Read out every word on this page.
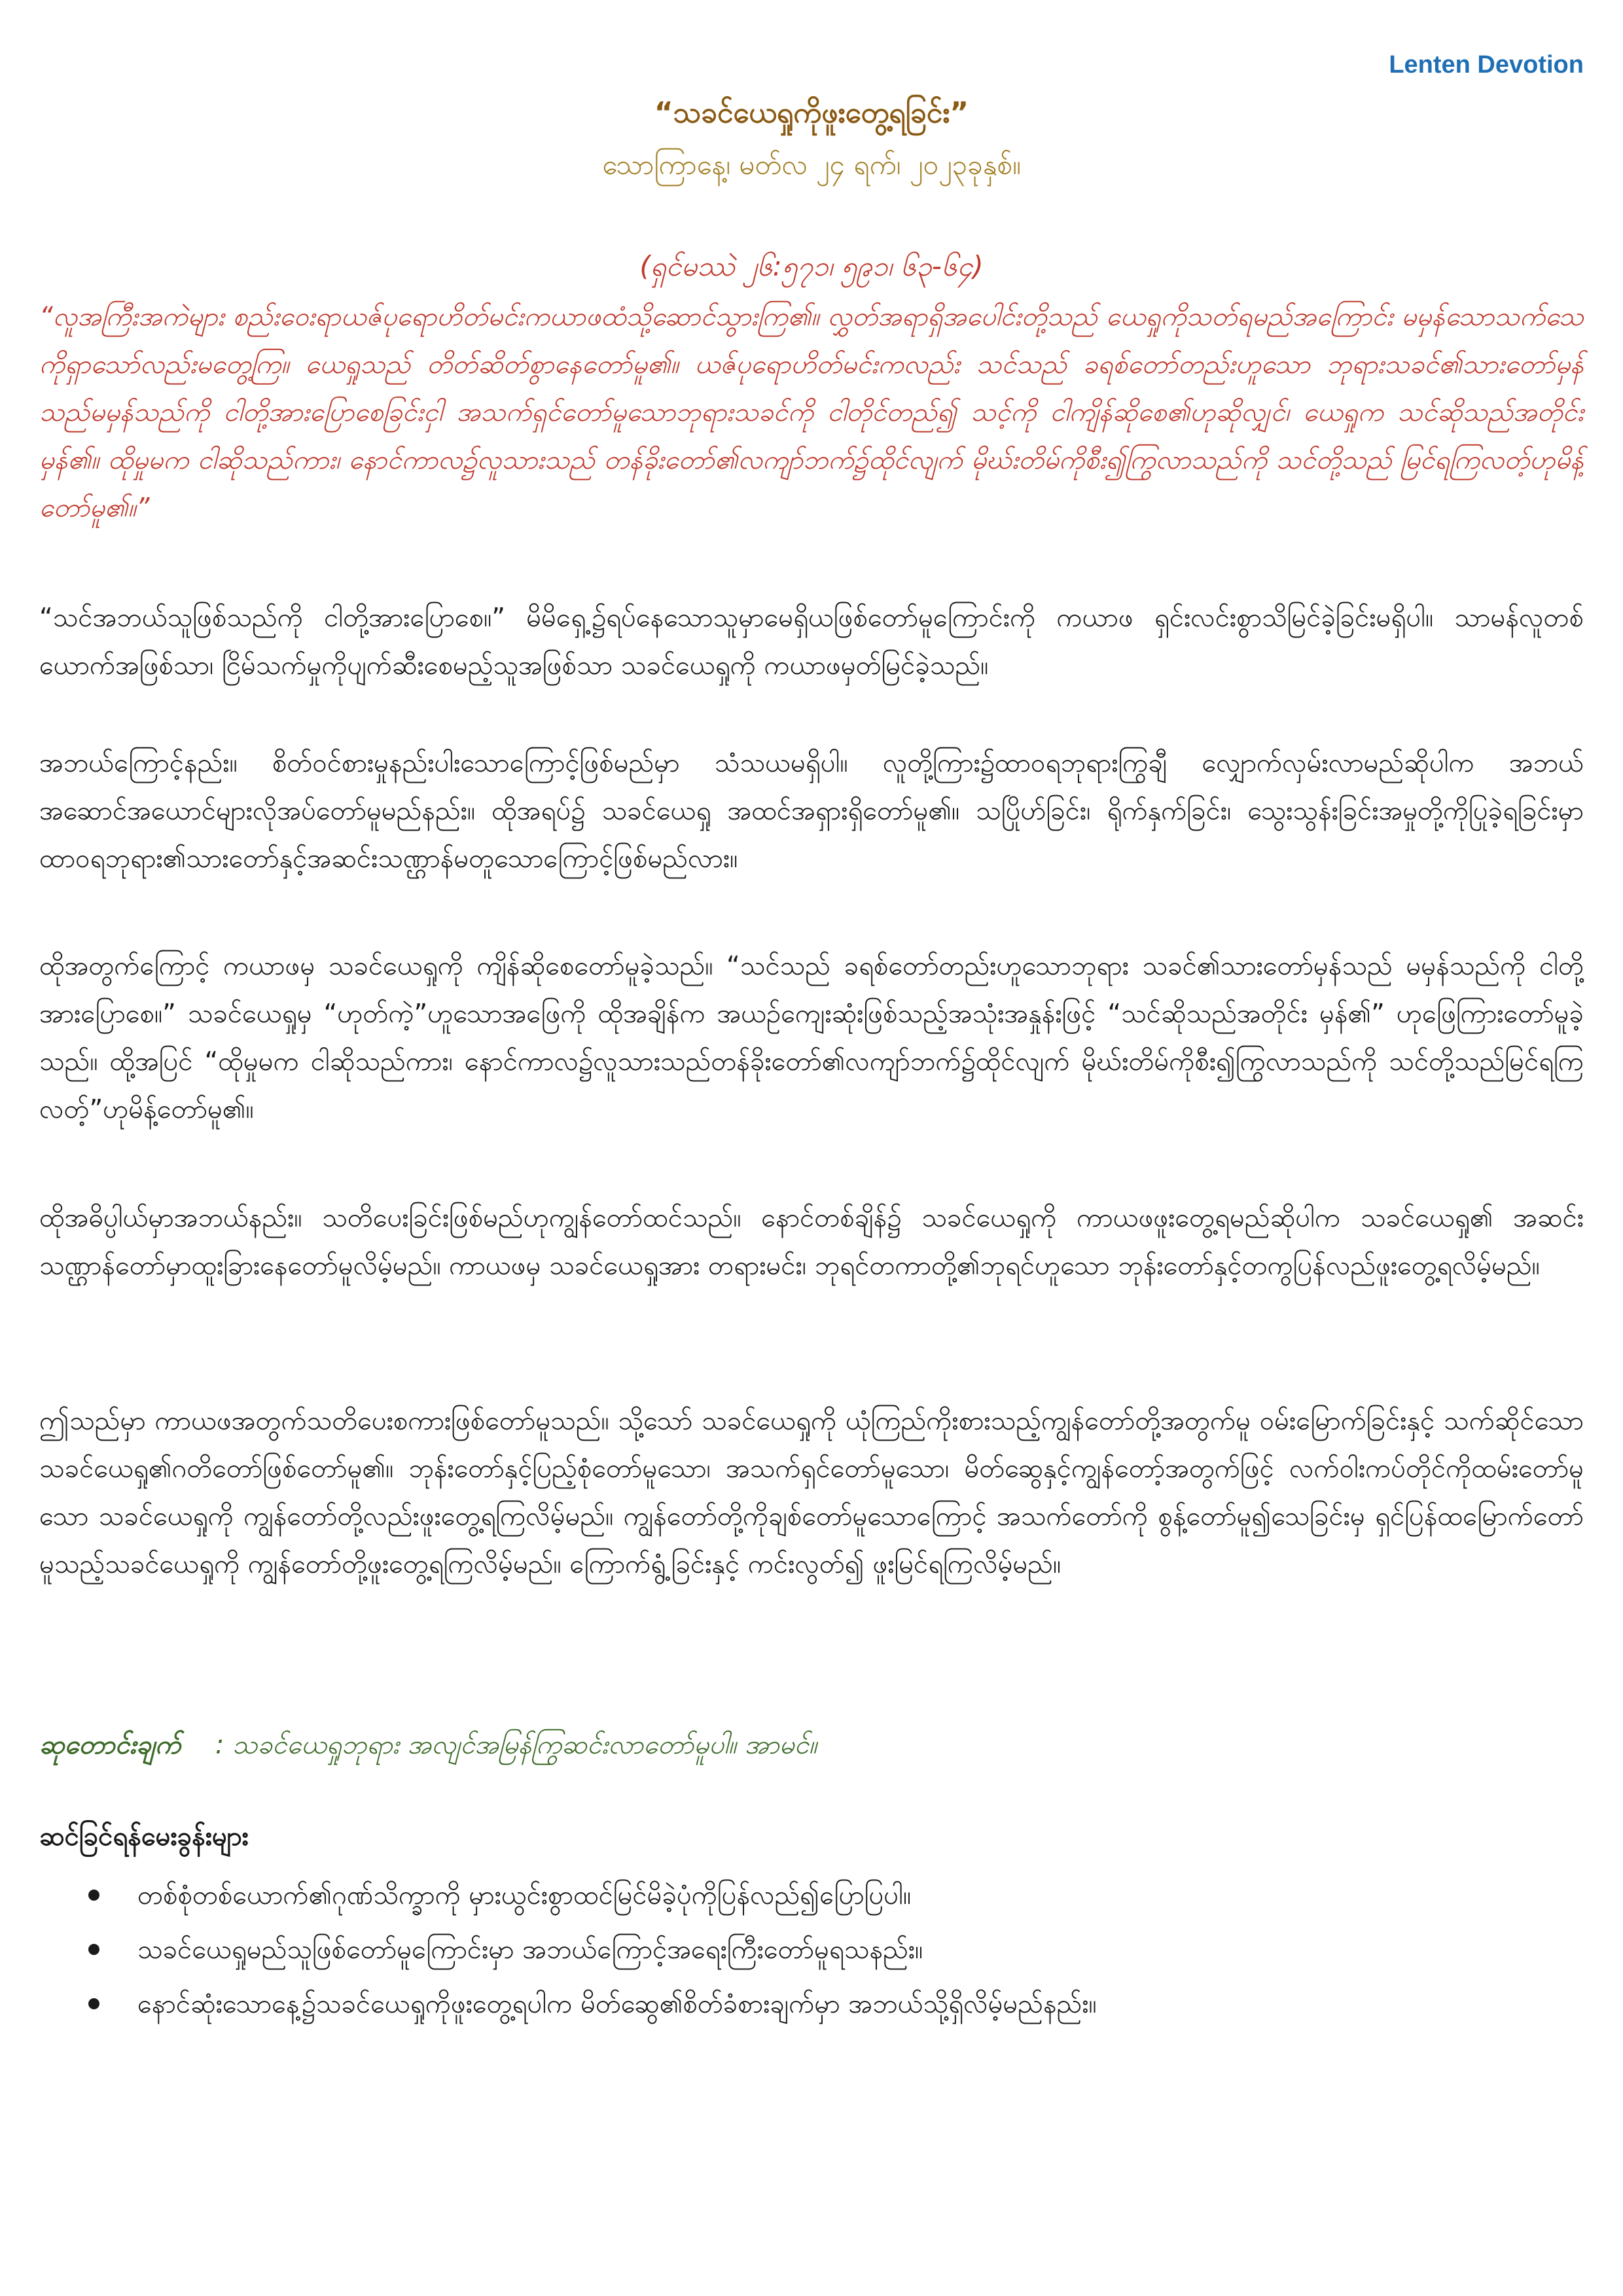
Lenten Devotion
“သခင်ယေရှုကိုဖူးတွေ့ရခြင်း”
သောကြာနေ့၊ မတ်လ ၂၄ ရက်၊ ၂၀၂၃ခုနှစ်။
(ရှင်မဿဲ ၂၆:၅၇၁၊ ၅၉၁၊ ၆၃-၆၄)
“လူအကြီးအကဲများ စည်းဝေးရာယဇ်ပုရောဟိတ်မင်းကယာဖထံသို့ဆောင်သွားကြ၏။ လွှတ်အရာရှိအပေါင်းတို့သည် ယေရှုကိုသတ်ရမည်အကြောင်း မမှန်သောသက်သေကိုရှာသော်လည်းမတွေ့ကြ။ ယေရှုသည် တိတ်ဆိတ်စွာနေတော်မူ၏။ ယဇ်ပုရောဟိတ်မင်းကလည်း သင်သည် ခရစ်တော်တည်းဟူသော ဘုရားသခင်၏သားတော်မှန်သည်မမှန်သည်ကို ငါတို့အားပြောစေခြင်းငှါ အသက်ရှင်တော်မူသောဘုရားသခင်ကို ငါတိုင်တည်၍ သင့်ကို ငါကျိန်ဆိုစေ၏ဟုဆိုလျှင်၊ ယေရှုက သင်ဆိုသည်အတိုင်းမှန်၏။ ထိုမှုမက ငါဆိုသည်ကား၊ နောင်ကာလ၌လူသားသည် တန်ခိုးတော်၏လကျာ်ဘက်၌ထိုင်လျက် မိုဃ်းတိမ်ကိုစီး၍ကြွလာသည်ကို သင်တို့သည် မြင်ရကြလတ့်ဟုမိန့်တော်မူ၏။”
“သင်အဘယ်သူဖြစ်သည်ကို ငါတို့အားပြောစေ။” မိမိရှေ့၌ရပ်နေသောသူမှာမေရှိယဖြစ်တော်မူကြောင်းကို ကယာဖ ရှင်းလင်းစွာသိမြင်ခဲ့ခြင်းမရှိပါ။ သာမန်လူတစ်ယောက်အဖြစ်သာ၊ ငြိမ်သက်မှုကိုပျက်ဆီးစေမည့်သူအဖြစ်သာ သခင်ယေရှုကို ကယာဖမှတ်မြင်ခဲ့သည်။
အဘယ်ကြောင့်နည်း။ စိတ်ဝင်စားမှုနည်းပါးသောကြောင့်ဖြစ်မည်မှာ သံသယမရှိပါ။ လူတို့ကြား၌ထာဝရဘုရားကြွချီ လျှောက်လှမ်းလာမည်ဆိုပါက အဘယ်အဆောင်အယောင်များလိုအပ်တော်မူမည်နည်း။ ထိုအရပ်၌ သခင်ယေရှု အထင်အရှားရှိတော်မူ၏။ သပြိုဟ်ခြင်း၊ ရိုက်နှက်ခြင်း၊ သွေးသွန်းခြင်းအမှုတို့ကိုပြုခဲ့ရခြင်းမှာ ထာဝရဘုရား၏သားတော်နှင့်အဆင်းသဏ္ဌာန်မတူသောကြောင့်ဖြစ်မည်လား။
ထိုအတွက်ကြောင့် ကယာဖမှ သခင်ယေရှုကို ကျိန်ဆိုစေတော်မူခဲ့သည်။ “သင်သည် ခရစ်တော်တည်းဟူသောဘုရား သခင်၏သားတော်မှန်သည် မမှန်သည်ကို ငါတို့အားပြောစေ။” သခင်ယေရှုမှ “ဟုတ်ကဲ့”ဟူသောအဖြေကို ထိုအချိန်က အယဉ်ကျေးဆုံးဖြစ်သည့်အသုံးအနှုန်းဖြင့် “သင်ဆိုသည်အတိုင်း မှန်၏” ဟုဖြေကြားတော်မူခဲ့သည်။ ထို့အပြင် “ထိုမှုမက ငါဆိုသည်ကား၊ နောင်ကာလ၌လူသားသည်တန်ခိုးတော်၏လကျာ်ဘက်၌ထိုင်လျက် မိုဃ်းတိမ်ကိုစီး၍ကြွလာသည်ကို သင်တို့သည်မြင်ရကြလတ့်”ဟုမိန့်တော်မူ၏။
ထိုအဓိပ္ပါယ်မှာအဘယ်နည်း။ သတိပေးခြင်းဖြစ်မည်ဟုကျွန်တော်ထင်သည်။ နောင်တစ်ချိန်၌ သခင်ယေရှုကို ကာယဖဖူးတွေ့ရမည်ဆိုပါက သခင်ယေရှု၏ အဆင်းသဏ္ဌာန်တော်မှာထူးခြားနေတော်မူလိမ့်မည်။ ကာယဖမှ သခင်ယေရှုအား တရားမင်း၊ ဘုရင်တကာတို့၏ဘုရင်ဟူသော ဘုန်းတော်နှင့်တကွပြန်လည်ဖူးတွေ့ရလိမ့်မည်။
ဤသည်မှာ ကာယဖအတွက်သတိပေးစကားဖြစ်တော်မူသည်။ သို့သော် သခင်ယေရှုကို ယုံကြည်ကိုးစားသည့်ကျွန်တော်တို့အတွက်မူ ဝမ်းမြောက်ခြင်းနှင့် သက်ဆိုင်သောသခင်ယေရှု၏ဂတိတော်ဖြစ်တော်မူ၏။ ဘုန်းတော်နှင့်ပြည့်စုံတော်မူသော၊ အသက်ရှင်တော်မူသော၊ မိတ်ဆွေနှင့်ကျွန်တော့်အတွက်ဖြင့် လက်ဝါးကပ်တိုင်ကိုထမ်းတော်မူသော သခင်ယေရှုကို ကျွန်တော်တို့လည်းဖူးတွေ့ရကြလိမ့်မည်။ ကျွန်တော်တို့ကိုချစ်တော်မူသောကြောင့် အသက်တော်ကို စွန့်တော်မူ၍သေခြင်းမှ ရှင်ပြန်ထမြောက်တော်မူသည့်သခင်ယေရှုကို ကျွန်တော်တို့ဖူးတွေ့ရကြလိမ့်မည်။ ကြောက်ရွံ့ခြင်းနှင့် ကင်းလွတ်၍ ဖူးမြင်ရကြလိမ့်မည်။
ဆုတောင်းချက် : သခင်ယေရှုဘုရား အလျင်အမြန်ကြွဆင်းလာတော်မူပါ။ အာမင်။
ဆင်ခြင်ရန်မေးခွန်းများ
တစ်စုံတစ်ယောက်၏ဂုဏ်သိက္ခာကို မှားယွင်းစွာထင်မြင်မိခဲ့ပုံကိုပြန်လည်၍ပြောပြပါ။
သခင်ယေရှုမည်သူဖြစ်တော်မူကြောင်းမှာ အဘယ်ကြောင့်အရေးကြီးတော်မူရသနည်း။
နောင်ဆုံးသောနေ့၌သခင်ယေရှုကိုဖူးတွေ့ရပါက မိတ်ဆွေ၏စိတ်ခံစားချက်မှာ အဘယ်သို့ရှိလိမ့်မည်နည်း။
